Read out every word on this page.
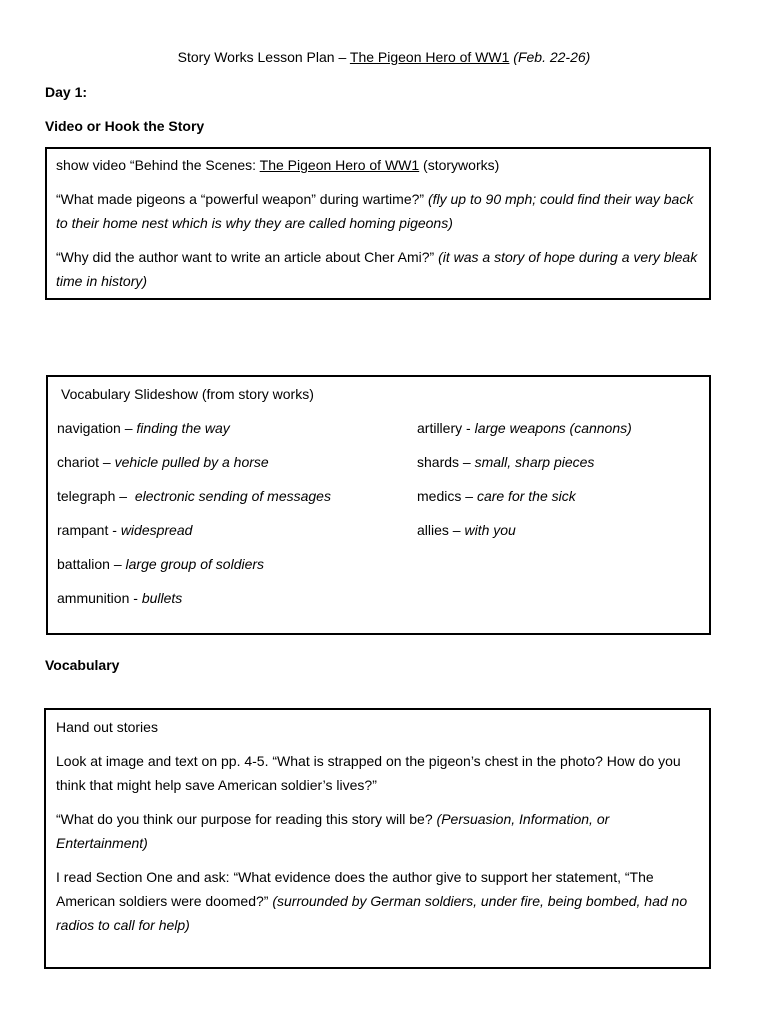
Story Works Lesson Plan – The Pigeon Hero of WW1 (Feb. 22-26)
Day 1:
Video or Hook the Story

show video “Behind the Scenes: The Pigeon Hero of WW1 (storyworks)

“What made pigeons a “powerful weapon” during wartime?” (fly up to 90 mph; could find their way back to their home nest which is why they are called homing pigeons)

“Why did the author want to write an article about Cher Ami?” (it was a story of hope during a very bleak time in history)

Vocabulary Slideshow (from story works)
navigation – finding the way	artillery - large weapons (cannons)
chariot – vehicle pulled by a horse	shards – small, sharp pieces
telegraph –  electronic sending of messages	medics – care for the sick
rampant - widespread	allies – with you
battalion – large group of soldiers
ammunition - bullets
Vocabulary

Hand out stories

Look at image and text on pp. 4-5. “What is strapped on the pigeon’s chest in the photo? How do you think that might help save American soldier’s lives?”

“What do you think our purpose for reading this story will be? (Persuasion, Information, or Entertainment)

I read Section One and ask: “What evidence does the author give to support her statement, “The American soldiers were doomed?” (surrounded by German soldiers, under fire, being bombed, had no radios to call for help)
